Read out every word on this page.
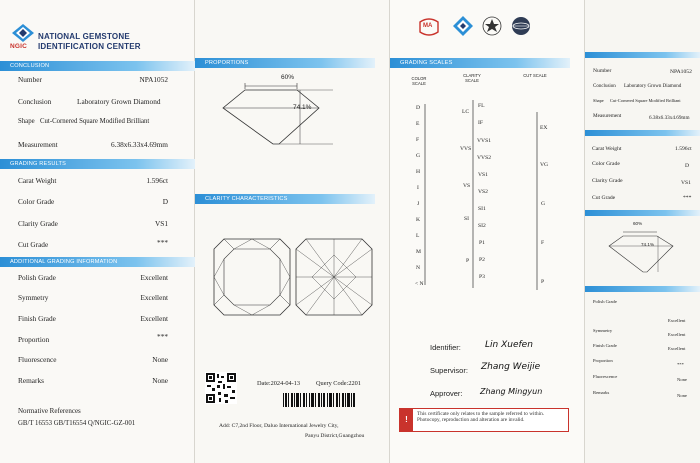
NGIC
NATIONAL GEMSTONE
IDENTIFICATION CENTER
CONCLUSION
Number	NPA1052
Conclusion	Laboratory Grown Diamond
Shape Cut-Cornered Square Modified Brilliant
Measurement	6.38x6.33x4.69mm
GRADING RESULTS
Carat Weight	1.596ct
Color Grade	D
Clarity Grade	VS1
Cut Grade	***
ADDITIONAL GRADING INFORMATION
Polish Grade	Excellent
Symmetry	Excellent
Finish Grade	Excellent
Proportion	***
Fluorescence	None
Remarks	None
Normative References
GB/T 16553 GB/T16554 Q/NGIC-GZ-001
PROPORTIONS
60%
74.1%
CLARITY CHARACTERISTICS
Date:2024-04-13	Query Code:2201
Add: C7,2nd Floor, Daluo International Jewelry City,
Panyu District,Guangzhou
MA
GRADING SCALES
COLOR SCALE
CLARITY SCALE
CUT SCALE
D
E
F
G
H
I
J
K
L
M
N
< N
LC
VVS
VS
SI
P
FL
IF
VVS1
VVS2
VS1
VS2
SI1
SI2
P1
P2
P3
EX
VG
G
F
P
Identifier:	Lin Xuefen
Supervisor: Zhang Weijie
Approver: Zhang Mingyun
!
This certificate only relates to the sample referred to within. Photocopy, reproduction and alteration are invalid.
Number	NPA1052
Conclusion Laboratory Grown Diamond
Shape Cut-Cornered Square Modified Brilliant
Measurement	6.38x6.33x4.69mm
Carat Weight	1.596ct
Color Grade	D
Clarity Grade	VS1
Cut Grade	***
60%
74.1%
Polish Grade
Excellent
Symmetry
Excellent
Finish Grade
Excellent
Proportion
***
Fluorescence
None
Remarks
None
